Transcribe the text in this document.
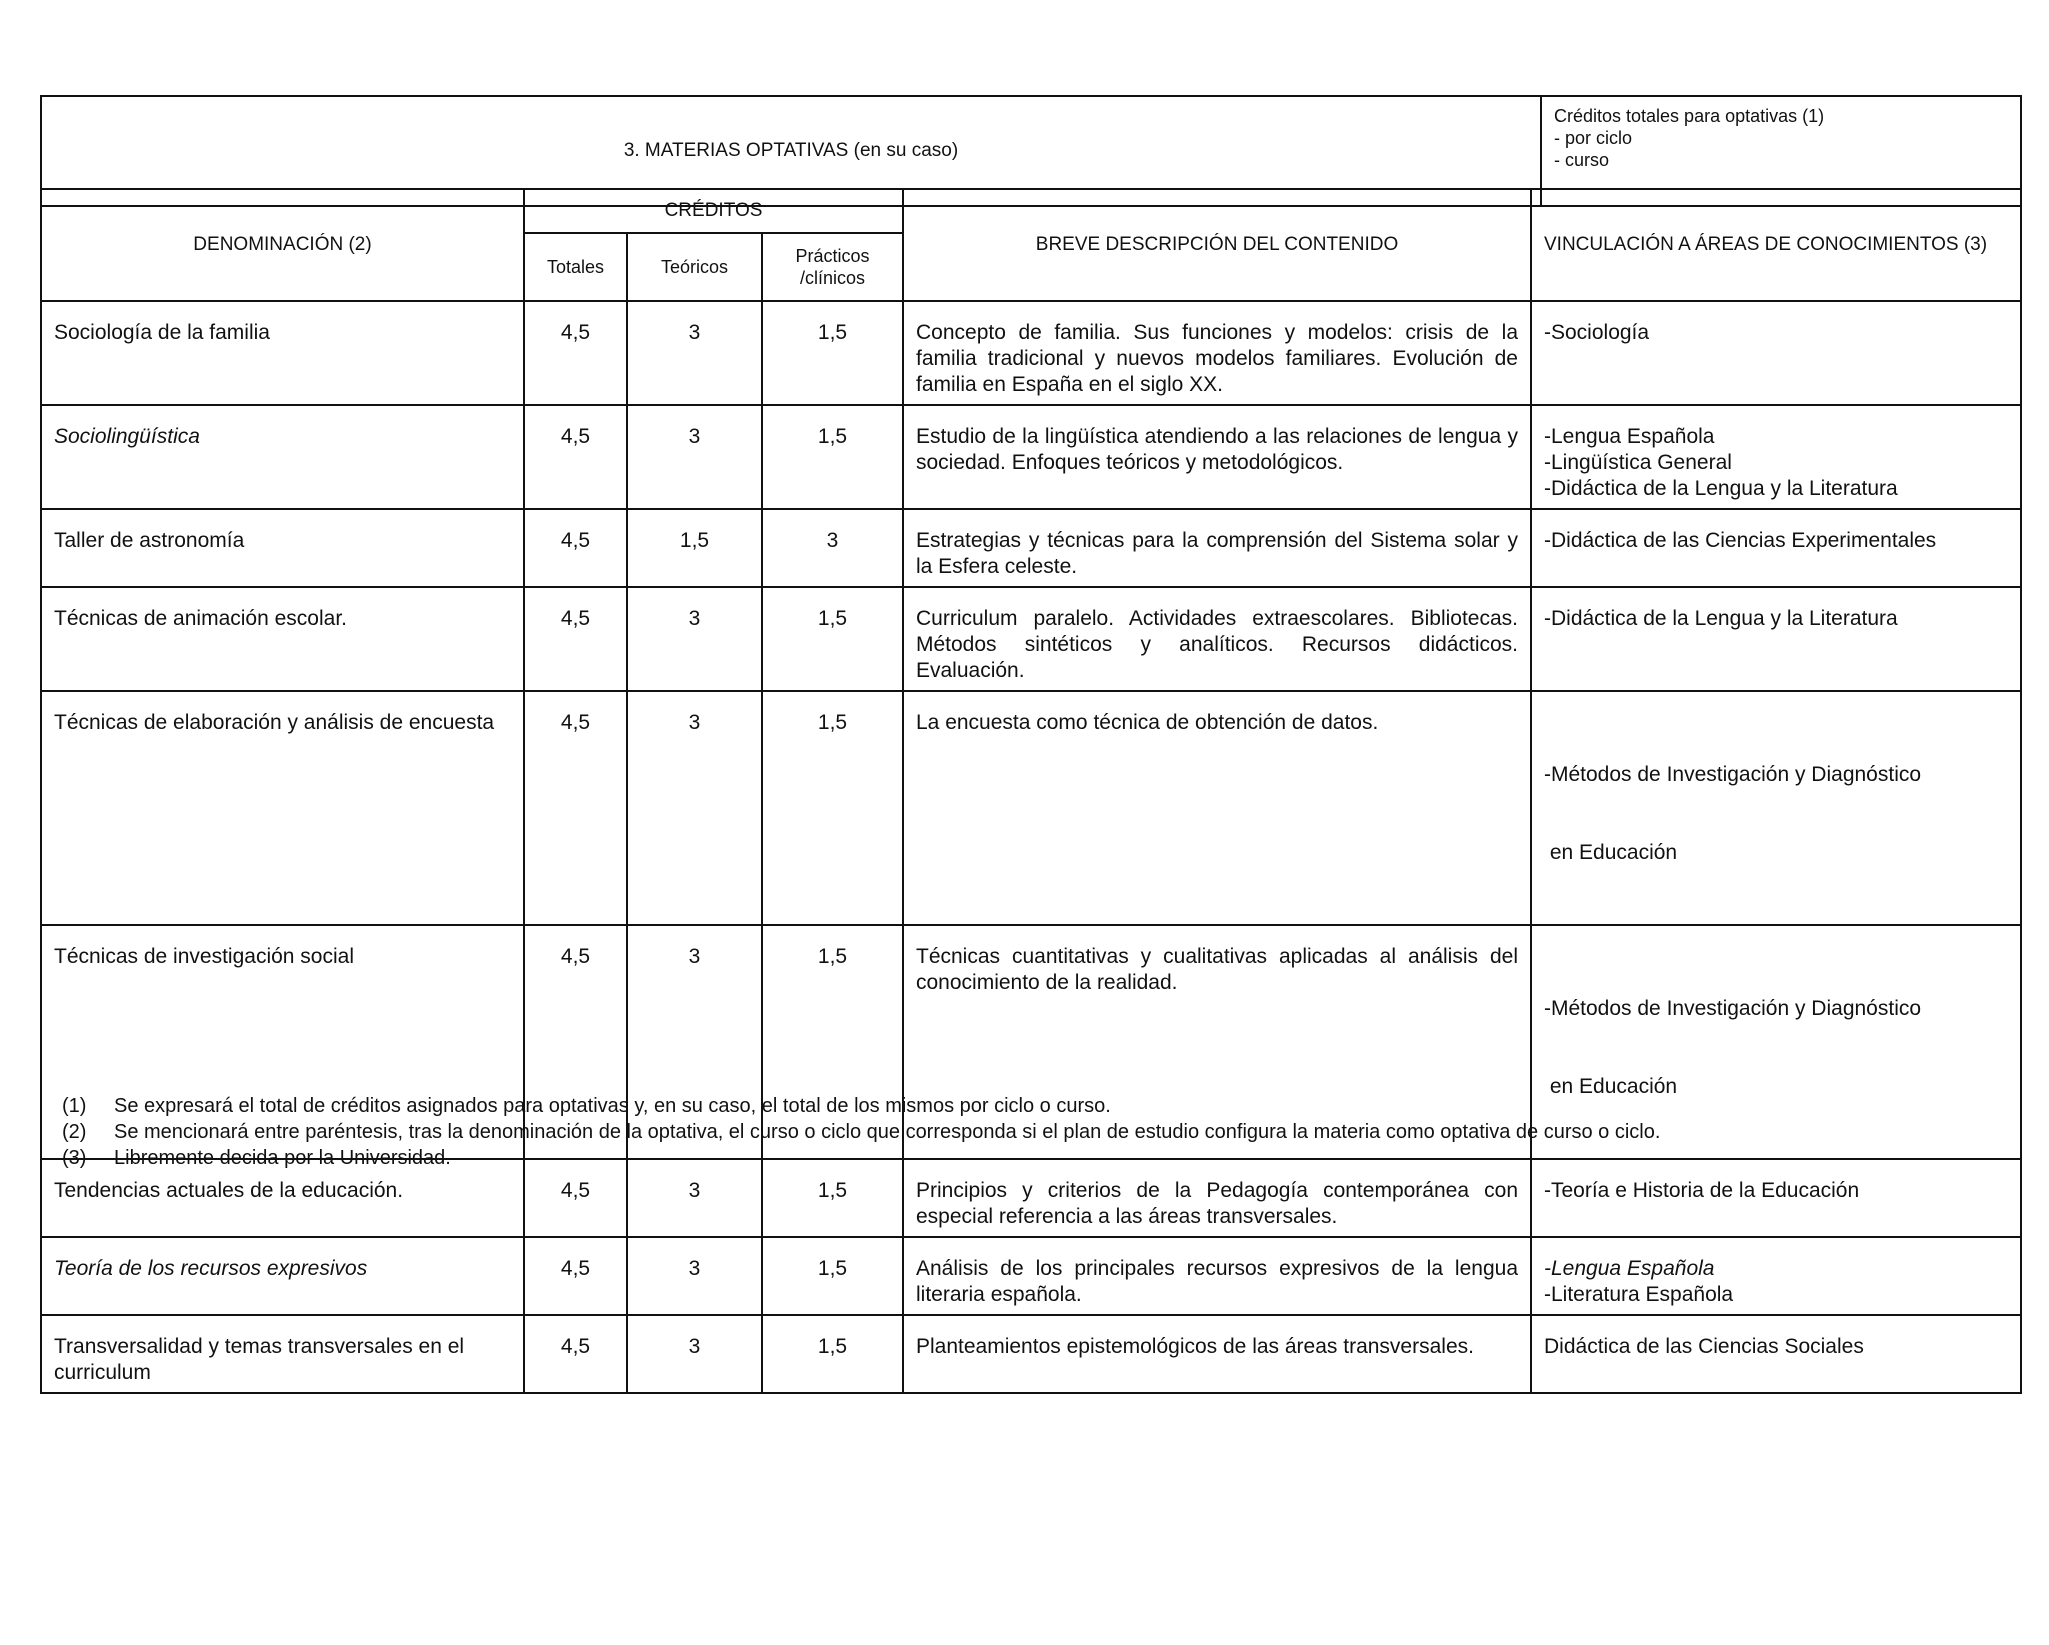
3. MATERIAS OPTATIVAS (en su caso)	
Créditos totales para optativas (1)
- por ciclo
- curso
DENOMINACIÓN (2)	CRÉDITOS			BREVE DESCRIPCIÓN DEL CONTENIDO	VINCULACIÓN A ÁREAS DE CONOCIMIENTOS (3)
	Totales	Teóricos	Prácticos /clínicos		
Sociología de la familia	4,5	3	1,5	Concepto de familia. Sus funciones y modelos: crisis de la familia tradicional y nuevos modelos familiares. Evolución de familia en España en el siglo XX.	-Sociología

Sociolingüística	4,5	3	1,5	Estudio de la lingüística atendiendo a las relaciones de lengua y sociedad. Enfoques teóricos y metodológicos.	-Lengua Española
-Lingüística General
-Didáctica de la Lengua y la Literatura

Taller de astronomía	4,5	1,5	3	Estrategias y técnicas para la comprensión del Sistema solar y la Esfera celeste.	-Didáctica de las Ciencias Experimentales

Técnicas de animación escolar.	4,5	3	1,5	Curriculum paralelo. Actividades extraescolares. Bibliotecas. Métodos sintéticos y analíticos. Recursos didácticos. Evaluación.	-Didáctica de la Lengua y la Literatura

Técnicas de elaboración y análisis de encuesta	4,5	3	1,5	La encuesta como técnica de obtención de datos.	-Métodos de Investigación y Diagnóstico

en Educación

Técnicas de investigación social	4,5	3	1,5	Técnicas cuantitativas y cualitativas aplicadas al análisis del conocimiento de la realidad.	-Métodos de Investigación y Diagnóstico

en Educación

Tendencias actuales de la educación.	4,5	3	1,5	Principios y criterios de la Pedagogía contemporánea con especial referencia a las áreas transversales.	-Teoría e Historia de la Educación

Teoría de los recursos expresivos	4,5	3	1,5	Análisis de los principales recursos expresivos de la lengua literaria española.	-Lengua Española
-Literatura Española

Transversalidad y temas transversales en el curriculum	4,5	3	1,5	Planteamientos epistemológicos de las áreas transversales.	Didáctica de las Ciencias Sociales
(1)	Se expresará el total de créditos asignados para optativas y, en su caso, el total de los mismos por ciclo o curso.
(2)	Se mencionará entre paréntesis, tras la denominación de la optativa, el curso o ciclo que corresponda si el plan de estudio configura la materia como optativa de curso o ciclo.
(3)	Libremente decida por la Universidad.
